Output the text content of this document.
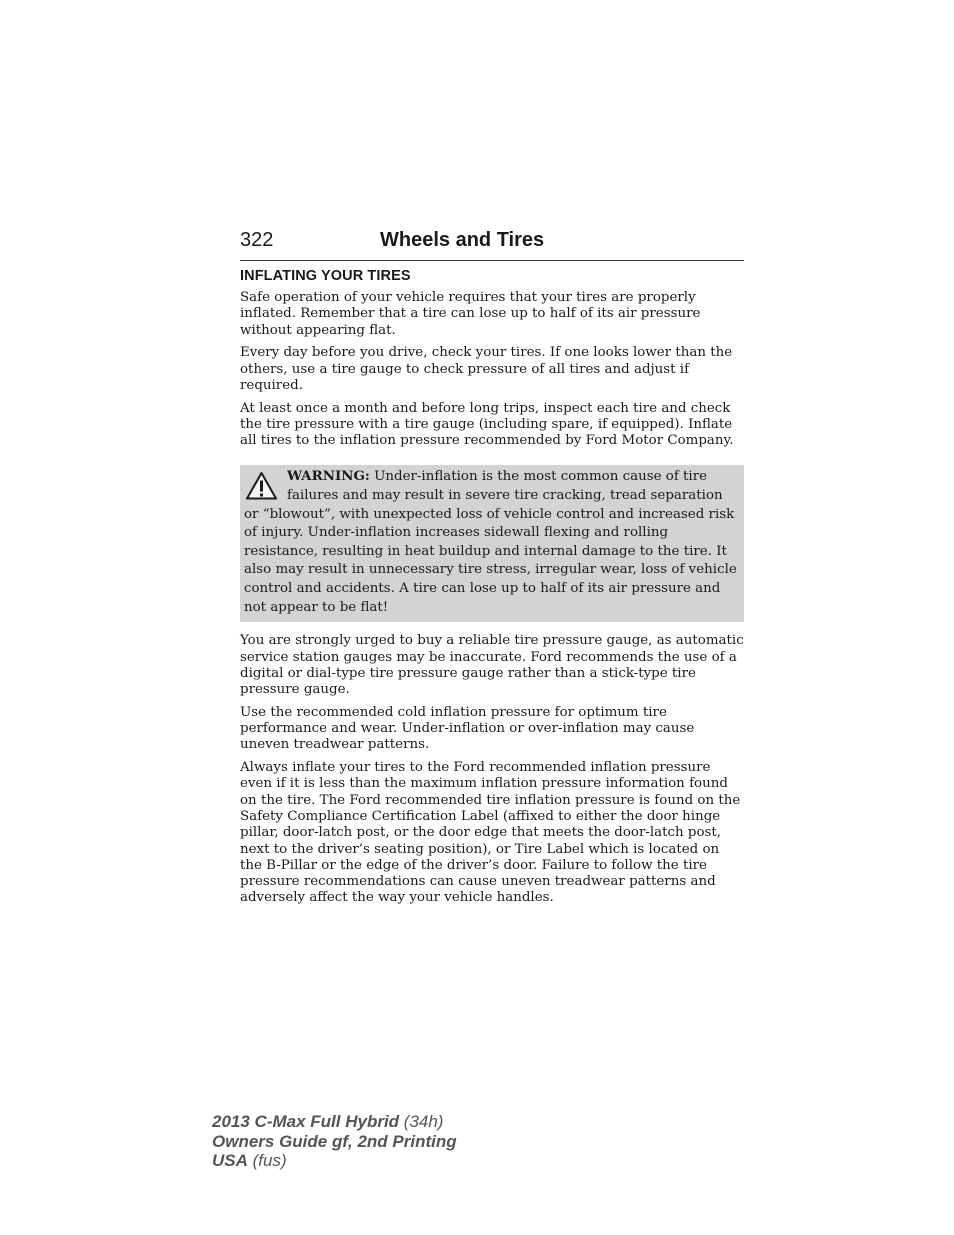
322	Wheels and Tires
INFLATING YOUR TIRES

Safe operation of your vehicle requires that your tires are properly inflated. Remember that a tire can lose up to half of its air pressure without appearing flat.

Every day before you drive, check your tires. If one looks lower than the others, use a tire gauge to check pressure of all tires and adjust if required.

At least once a month and before long trips, inspect each tire and check the tire pressure with a tire gauge (including spare, if equipped). Inflate all tires to the inflation pressure recommended by Ford Motor Company.

WARNING: Under-inflation is the most common cause of tire failures and may result in severe tire cracking, tread separation or “blowout”, with unexpected loss of vehicle control and increased risk of injury. Under-inflation increases sidewall flexing and rolling resistance, resulting in heat buildup and internal damage to the tire. It also may result in unnecessary tire stress, irregular wear, loss of vehicle control and accidents. A tire can lose up to half of its air pressure and not appear to be flat!

You are strongly urged to buy a reliable tire pressure gauge, as automatic service station gauges may be inaccurate. Ford recommends the use of a digital or dial-type tire pressure gauge rather than a stick-type tire pressure gauge.

Use the recommended cold inflation pressure for optimum tire performance and wear. Under-inflation or over-inflation may cause uneven treadwear patterns.

Always inflate your tires to the Ford recommended inflation pressure even if it is less than the maximum inflation pressure information found on the tire. The Ford recommended tire inflation pressure is found on the Safety Compliance Certification Label (affixed to either the door hinge pillar, door-latch post, or the door edge that meets the door-latch post, next to the driver’s seating position), or Tire Label which is located on the B-Pillar or the edge of the driver’s door. Failure to follow the tire pressure recommendations can cause uneven treadwear patterns and adversely affect the way your vehicle handles.

2013 C-Max Full Hybrid (34h)
Owners Guide gf, 2nd Printing
USA (fus)
